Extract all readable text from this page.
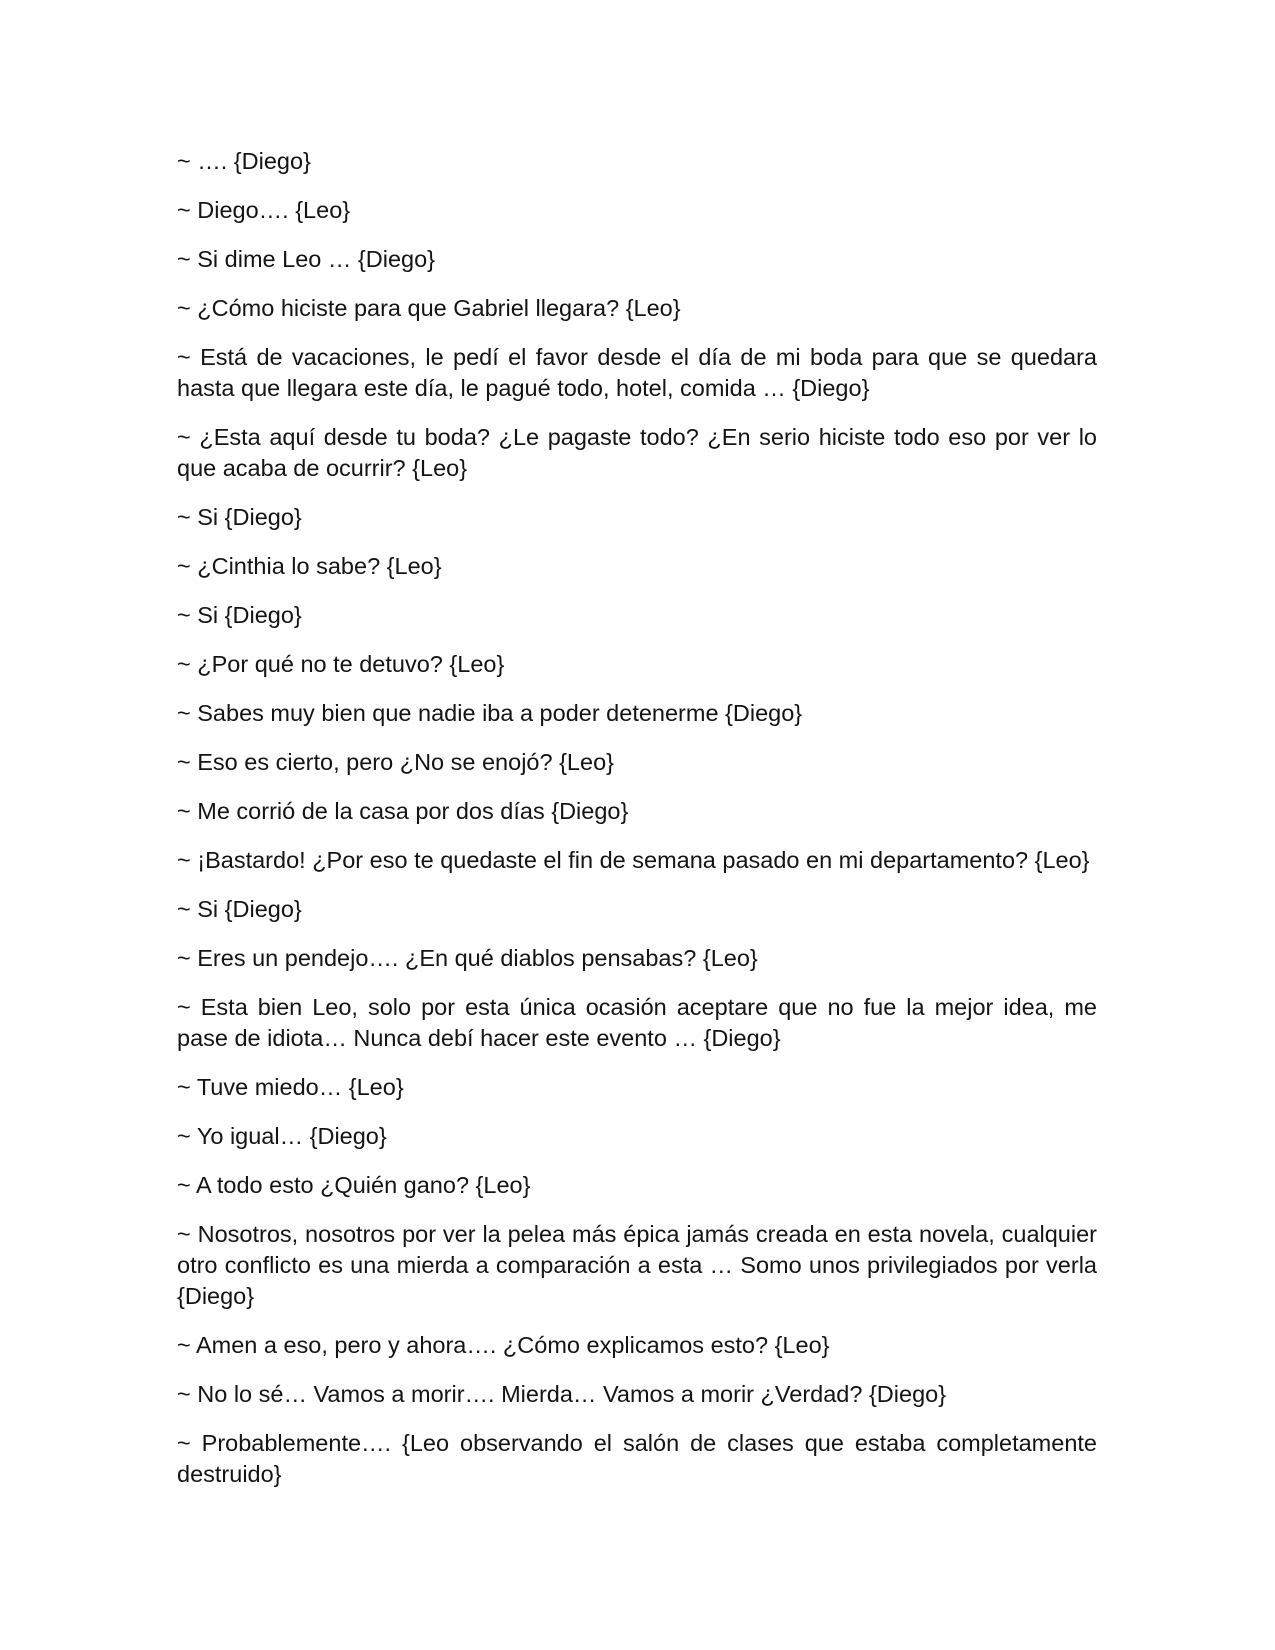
~ …. {Diego}

~ Diego…. {Leo}

~ Si dime Leo … {Diego}

~ ¿Cómo hiciste para que Gabriel llegara? {Leo}

~ Está de vacaciones, le pedí el favor desde el día de mi boda para que se quedara hasta que llegara este día, le pagué todo, hotel, comida … {Diego}

~ ¿Esta aquí desde tu boda? ¿Le pagaste todo? ¿En serio hiciste todo eso por ver lo que acaba de ocurrir? {Leo}

~ Si {Diego}

~ ¿Cinthia lo sabe? {Leo}

~ Si {Diego}

~ ¿Por qué no te detuvo? {Leo}

~ Sabes muy bien que nadie iba a poder detenerme {Diego}

~ Eso es cierto, pero ¿No se enojó? {Leo}

~ Me corrió de la casa por dos días {Diego}

~ ¡Bastardo! ¿Por eso te quedaste el fin de semana pasado en mi departamento? {Leo}

~ Si {Diego}

~ Eres un pendejo…. ¿En qué diablos pensabas? {Leo}

~ Esta bien Leo, solo por esta única ocasión aceptare que no fue la mejor idea, me pase de idiota… Nunca debí hacer este evento … {Diego}

~ Tuve miedo… {Leo}

~ Yo igual… {Diego}

~ A todo esto ¿Quién gano? {Leo}

~ Nosotros, nosotros por ver la pelea más épica jamás creada en esta novela, cualquier otro conflicto es una mierda a comparación a esta … Somo unos privilegiados por verla {Diego}

~ Amen a eso, pero y ahora…. ¿Cómo explicamos esto? {Leo}

~ No lo sé… Vamos a morir…. Mierda… Vamos a morir ¿Verdad? {Diego}

~ Probablemente…. {Leo observando el salón de clases que estaba completamente destruido}
